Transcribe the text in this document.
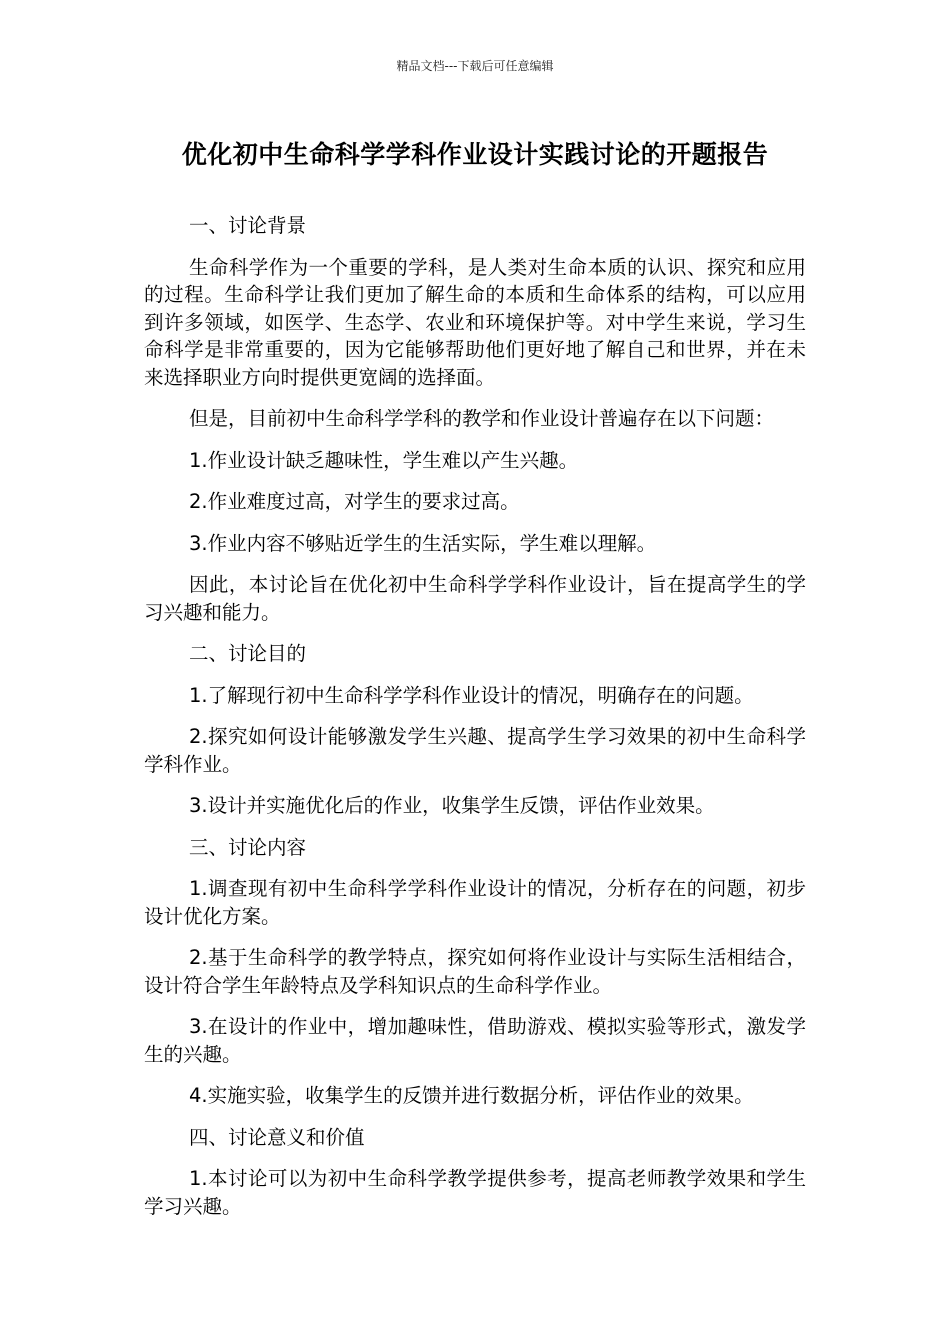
精品文档---下载后可任意编辑
优化初中生命科学学科作业设计实践讨论的开题报告

一、讨论背景

生命科学作为一个重要的学科，是人类对生命本质的认识、探究和应用的过程。生命科学让我们更加了解生命的本质和生命体系的结构，可以应用到许多领域，如医学、生态学、农业和环境保护等。对中学生来说，学习生命科学是非常重要的，因为它能够帮助他们更好地了解自己和世界，并在未来选择职业方向时提供更宽阔的选择面。

但是，目前初中生命科学学科的教学和作业设计普遍存在以下问题：

1.作业设计缺乏趣味性，学生难以产生兴趣。

2.作业难度过高，对学生的要求过高。

3.作业内容不够贴近学生的生活实际，学生难以理解。

因此，本讨论旨在优化初中生命科学学科作业设计，旨在提高学生的学习兴趣和能力。

二、讨论目的

1.了解现行初中生命科学学科作业设计的情况，明确存在的问题。

2.探究如何设计能够激发学生兴趣、提高学生学习效果的初中生命科学学科作业。

3.设计并实施优化后的作业，收集学生反馈，评估作业效果。

三、讨论内容

1.调查现有初中生命科学学科作业设计的情况，分析存在的问题，初步设计优化方案。

2.基于生命科学的教学特点，探究如何将作业设计与实际生活相结合，设计符合学生年龄特点及学科知识点的生命科学作业。

3.在设计的作业中，增加趣味性，借助游戏、模拟实验等形式，激发学生的兴趣。

4.实施实验，收集学生的反馈并进行数据分析，评估作业的效果。

四、讨论意义和价值

1.本讨论可以为初中生命科学教学提供参考，提高老师教学效果和学生学习兴趣。
